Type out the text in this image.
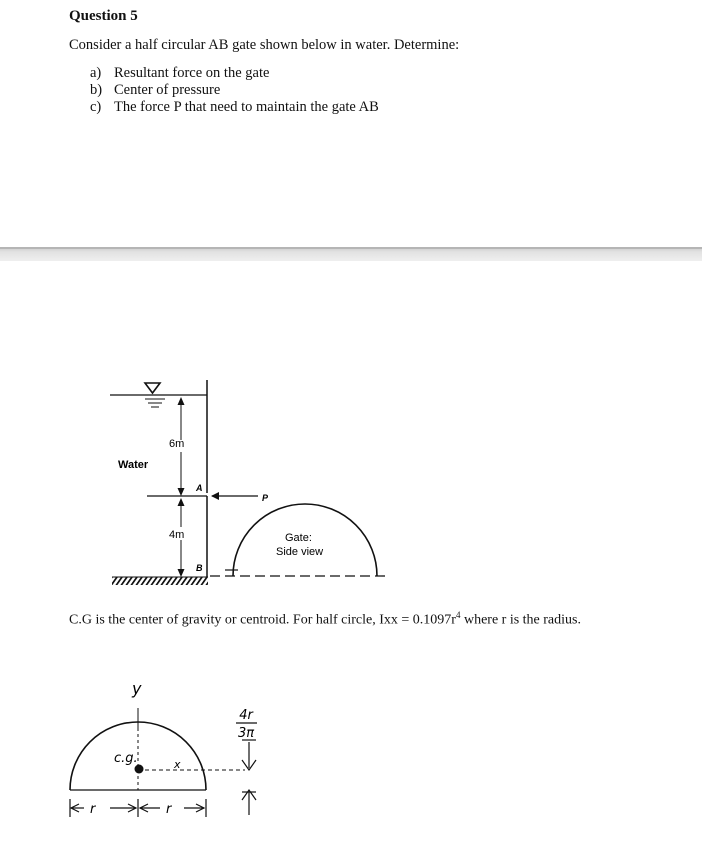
Question 5
Consider a half circular AB gate shown below in water. Determine:
a) Resultant force on the gate
b) Center of pressure
c) The force P that need to maintain the gate AB
6m
Water
A
P
4m
B
Gate:
Side view
C.G is the center of gravity or centroid. For half circle, Ixx = $0.1097r^4$ where r is the radius.
y
c.g.	x
4r
3π
r	r
